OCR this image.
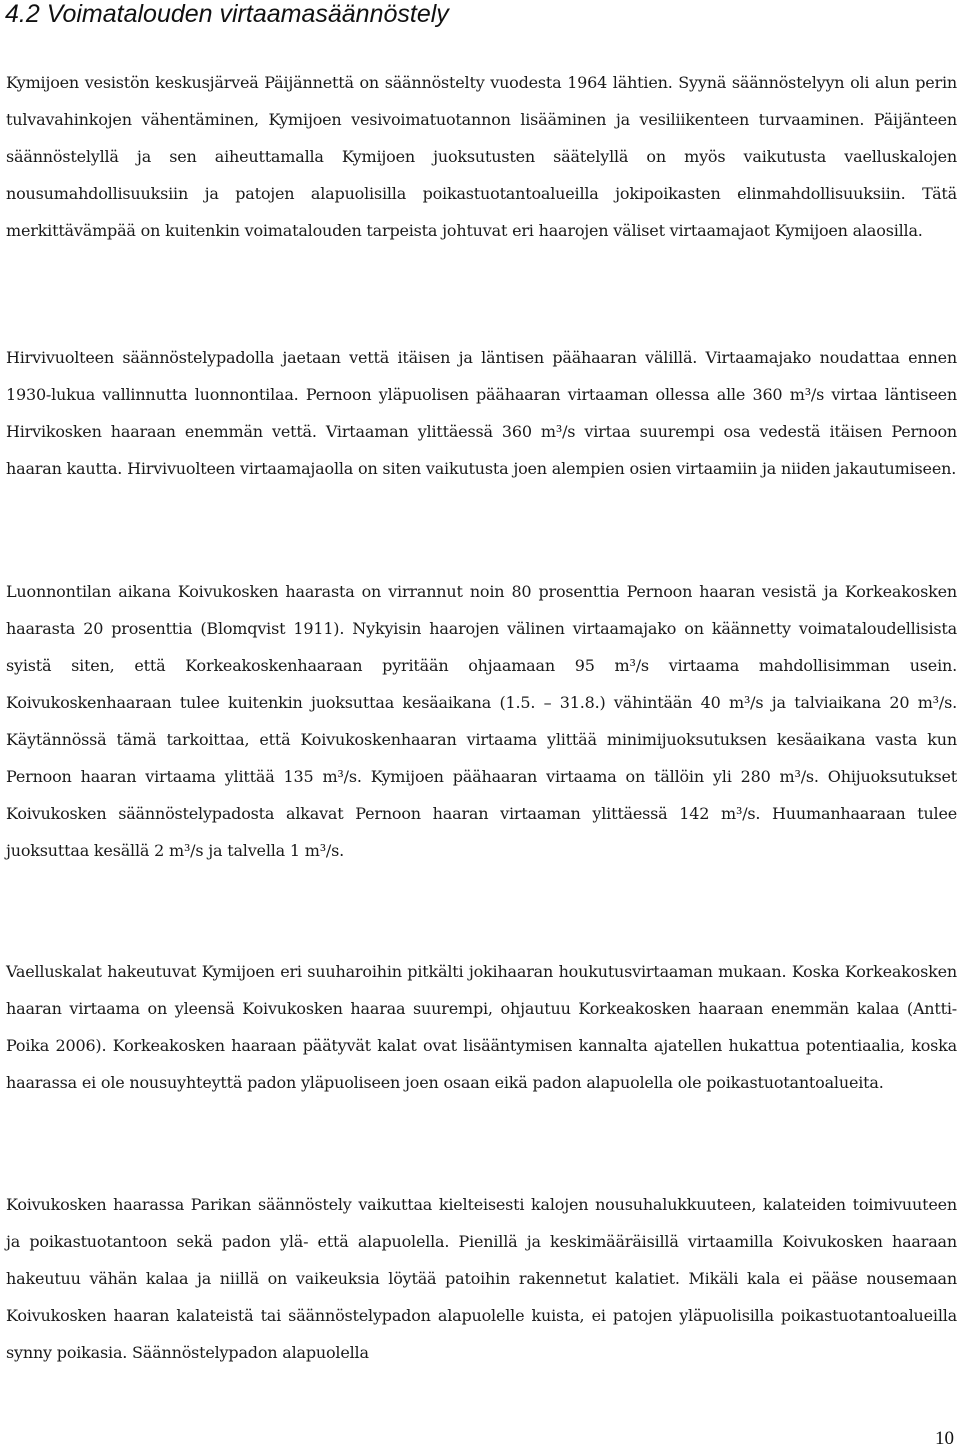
4.2 Voimatalouden virtaamasäännöstely

Kymijoen vesistön keskusjärveä Päijännettä on säännöstelty vuodesta 1964 lähtien. Syynä säännöstelyyn oli alun perin tulvavahinkojen vähentäminen, Kymijoen vesivoimatuotannon lisääminen ja vesiliikenteen turvaaminen. Päijänteen säännöstelyllä ja sen aiheuttamalla Kymijoen juoksutusten säätelyllä on myös vaikutusta vaelluskalojen nousumahdollisuuksiin ja patojen alapuolisilla poikastuotantoalueilla jokipoikasten elinmahdollisuuksiin. Tätä merkittävämpää on kuitenkin voimatalouden tarpeista johtuvat eri haarojen väliset virtaamajaot Kymijoen alaosilla.

Hirvivuolteen säännöstelypadolla jaetaan vettä itäisen ja läntisen päähaaran välillä. Virtaamajako noudattaa ennen 1930-lukua vallinnutta luonnontilaa. Pernoon yläpuolisen päähaaran virtaaman ollessa alle 360 m³/s virtaa läntiseen Hirvikosken haaraan enemmän vettä. Virtaaman ylittäessä 360 m³/s virtaa suurempi osa vedestä itäisen Pernoon haaran kautta. Hirvivuolteen virtaamajaolla on siten vaikutusta joen alempien osien virtaamiin ja niiden jakautumiseen.

Luonnontilan aikana Koivukosken haarasta on virrannut noin 80 prosenttia Pernoon haaran vesistä ja Korkeakosken haarasta 20 prosenttia (Blomqvist 1911). Nykyisin haarojen välinen virtaamajako on käännetty voimataloudellisista syistä siten, että Korkeakoskenhaaraan pyritään ohjaamaan 95 m³/s virtaama mahdollisimman usein. Koivukoskenhaaraan tulee kuitenkin juoksuttaa kesäaikana (1.5. – 31.8.) vähintään 40 m³/s ja talviaikana 20 m³/s. Käytännössä tämä tarkoittaa, että Koivukoskenhaaran virtaama ylittää minimijuoksutuksen kesäaikana vasta kun Pernoon haaran virtaama ylittää 135 m³/s. Kymijoen päähaaran virtaama on tällöin yli 280 m³/s. Ohijuoksutukset Koivukosken säännöstelypadosta alkavat Pernoon haaran virtaaman ylittäessä 142 m³/s. Huumanhaaraan tulee juoksuttaa kesällä 2 m³/s ja talvella 1 m³/s.

Vaelluskalat hakeutuvat Kymijoen eri suuharoihin pitkälti jokihaaran houkutusvirtaaman mukaan. Koska Korkeakosken haaran virtaama on yleensä Koivukosken haaraa suurempi, ohjautuu Korkeakosken haaraan enemmän kalaa (Antti-Poika 2006). Korkeakosken haaraan päätyvät kalat ovat lisääntymisen kannalta ajatellen hukattua potentiaalia, koska haarassa ei ole nousuyhteyttä padon yläpuoliseen joen osaan eikä padon alapuolella ole poikastuotantoalueita.

Koivukosken haarassa Parikan säännöstely vaikuttaa kielteisesti kalojen nousuhalukkuuteen, kalateiden toimivuuteen ja poikastuotantoon sekä padon ylä- että alapuolella. Pienillä ja keskimääräisillä virtaamilla Koivukosken haaraan hakeutuu vähän kalaa ja niillä on vaikeuksia löytää patoihin rakennetut kalatiet. Mikäli kala ei pääse nousemaan Koivukosken haaran kalateistä tai säännöstelypadon alapuolelle kuista, ei patojen yläpuolisilla poikastuotantoalueilla synny poikasia. Säännöstelypadon alapuolella

10
